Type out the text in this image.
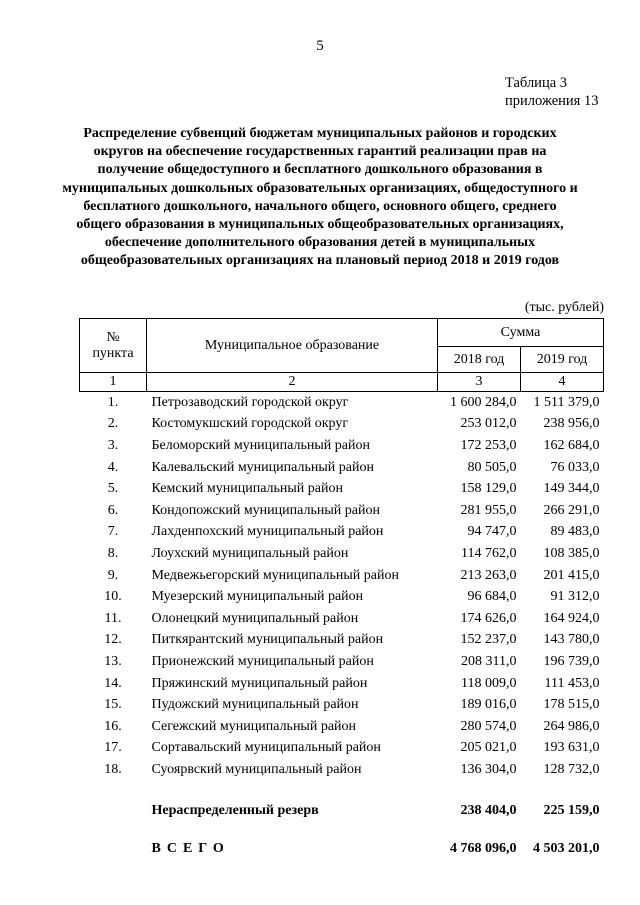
5
Таблица 3
приложения 13
Распределение субвенций бюджетам муниципальных районов и городских округов на обеспечение государственных гарантий реализации прав на получение общедоступного и бесплатного дошкольного образования в муниципальных дошкольных образовательных организациях, общедоступного и бесплатного дошкольного, начального общего, основного общего, среднего общего образования в муниципальных общеобразовательных организациях, обеспечение дополнительного образования детей в муниципальных общеобразовательных организациях на плановый период 2018 и 2019 годов
(тыс. рублей)
№
пункта	Муниципальное образование	Сумма	
		2018 год	2019 год
1	2	3	4
1.	Петрозаводский городской округ	1 600 284,0	1 511 379,0
2.	Костомукшский городской округ	253 012,0	238 956,0
3.	Беломорский муниципальный район	172 253,0	162 684,0
4.	Калевальский муниципальный район	80 505,0	76 033,0
5.	Кемский муниципальный район	158 129,0	149 344,0
6.	Кондопожский муниципальный район	281 955,0	266 291,0
7.	Лахденпохский муниципальный район	94 747,0	89 483,0
8.	Лоухский муниципальный район	114 762,0	108 385,0
9.	Медвежьегорский муниципальный район	213 263,0	201 415,0
10.	Муезерский муниципальный район	96 684,0	91 312,0
11.	Олонецкий муниципальный район	174 626,0	164 924,0
12.	Питкярантский муниципальный район	152 237,0	143 780,0
13.	Прионежский муниципальный район	208 311,0	196 739,0
14.	Пряжинский муниципальный район	118 009,0	111 453,0
15.	Пудожский муниципальный район	189 016,0	178 515,0
16.	Сегежский муниципальный район	280 574,0	264 986,0
17.	Сортавальский муниципальный район	205 021,0	193 631,0
18.	Суоярвский муниципальный район	136 304,0	128 732,0
	Нераспределенный резерв	238 404,0	225 159,0
	ВСЕГО	4 768 096,0	4 503 201,0
